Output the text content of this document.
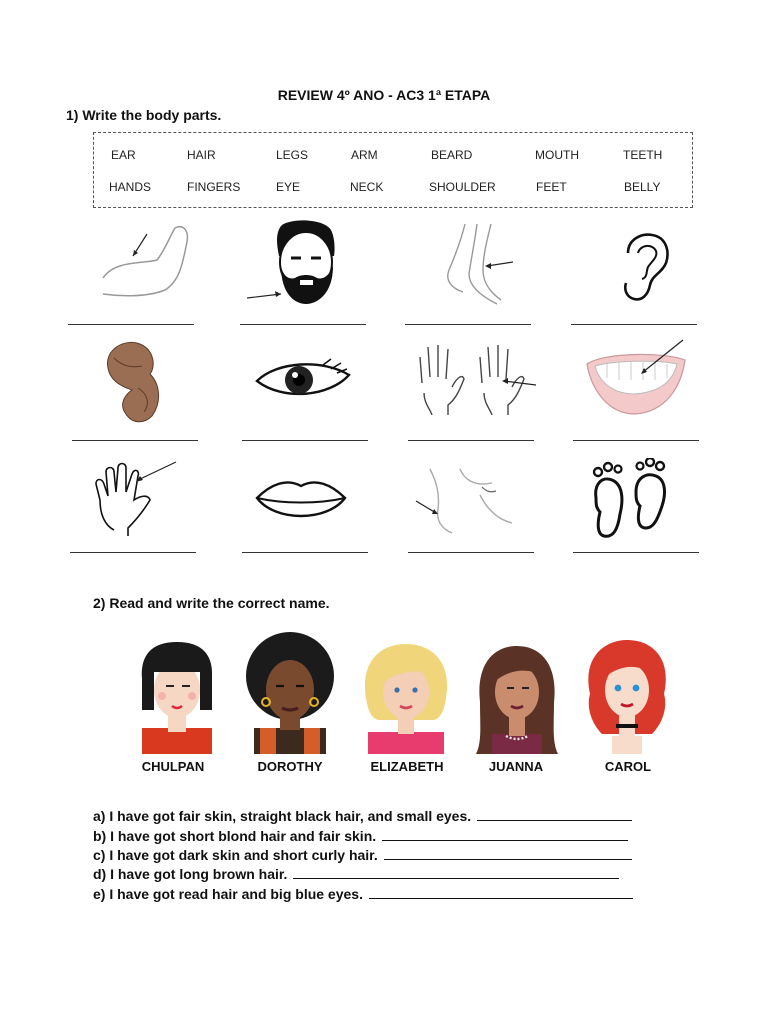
REVIEW 4º ANO - AC3 1ª ETAPA
1) Write the body parts.
EAR	HAIR	LEGS	ARM	BEARD	MOUTH	TEETH
HANDS	FINGERS	EYE	NECK	SHOULDER	FEET	BELLY
2) Read and write the correct name.
CHULPAN	DOROTHY	ELIZABETH	JUANNA	CAROL
a) I have got fair skin, straight black hair, and small eyes.
b) I have got short blond hair and fair skin.
c) I have got dark skin and short curly hair.
d) I have got long brown hair.
e) I have got read hair and big blue eyes.
